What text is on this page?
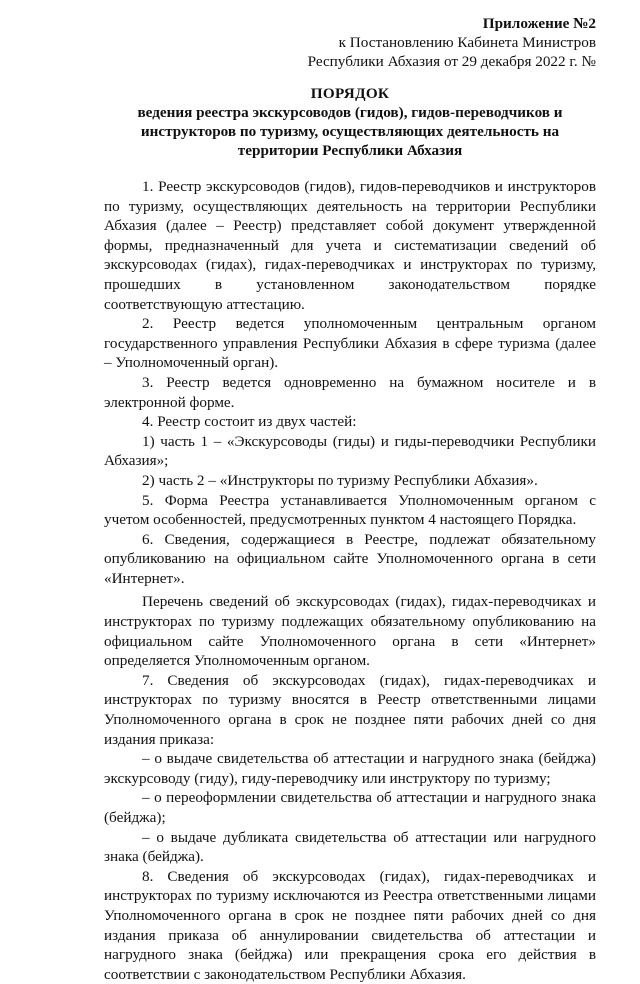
Приложение №2
к Постановлению Кабинета Министров
Республики Абхазия от 29 декабря 2022 г. №
ПОРЯДОК
ведения реестра экскурсоводов (гидов), гидов-переводчиков и
инструкторов по туризму, осуществляющих деятельность на
территории Республики Абхазия

1. Реестр экскурсоводов (гидов), гидов-переводчиков и инструкторов по туризму, осуществляющих деятельность на территории Республики Абхазия (далее – Реестр) представляет собой документ утвержденной формы, предназначенный для учета и систематизации сведений об экскурсоводах (гидах), гидах-переводчиках и инструкторах по туризму, прошедших в установленном законодательством порядке соответствующую аттестацию.

2. Реестр ведется уполномоченным центральным органом государственного управления Республики Абхазия в сфере туризма (далее – Уполномоченный орган).

3. Реестр ведется одновременно на бумажном носителе и в электронной форме.

4. Реестр состоит из двух частей:

1) часть 1 – «Экскурсоводы (гиды) и гиды-переводчики Республики Абхазия»;

2) часть 2 – «Инструкторы по туризму Республики Абхазия».

5. Форма Реестра устанавливается Уполномоченным органом с учетом особенностей, предусмотренных пунктом 4 настоящего Порядка.

6. Сведения, содержащиеся в Реестре, подлежат обязательному опубликованию на официальном сайте Уполномоченного органа в сети «Интернет».

Перечень сведений об экскурсоводах (гидах), гидах-переводчиках и инструкторах по туризму подлежащих обязательному опубликованию на официальном сайте Уполномоченного органа в сети «Интернет» определяется Уполномоченным органом.

7. Сведения об экскурсоводах (гидах), гидах-переводчиках и инструкторах по туризму вносятся в Реестр ответственными лицами Уполномоченного органа в срок не позднее пяти рабочих дней со дня издания приказа:

– о выдаче свидетельства об аттестации и нагрудного знака (бейджа) экскурсоводу (гиду), гиду-переводчику или инструктору по туризму;

– о переоформлении свидетельства об аттестации и нагрудного знака (бейджа);

– о выдаче дубликата свидетельства об аттестации или нагрудного знака (бейджа).

8. Сведения об экскурсоводах (гидах), гидах-переводчиках и инструкторах по туризму исключаются из Реестра ответственными лицами Уполномоченного органа в срок не позднее пяти рабочих дней со дня издания приказа об аннулировании свидетельства об аттестации и нагрудного знака (бейджа) или прекращения срока его действия в соответствии с законодательством Республики Абхазия.
